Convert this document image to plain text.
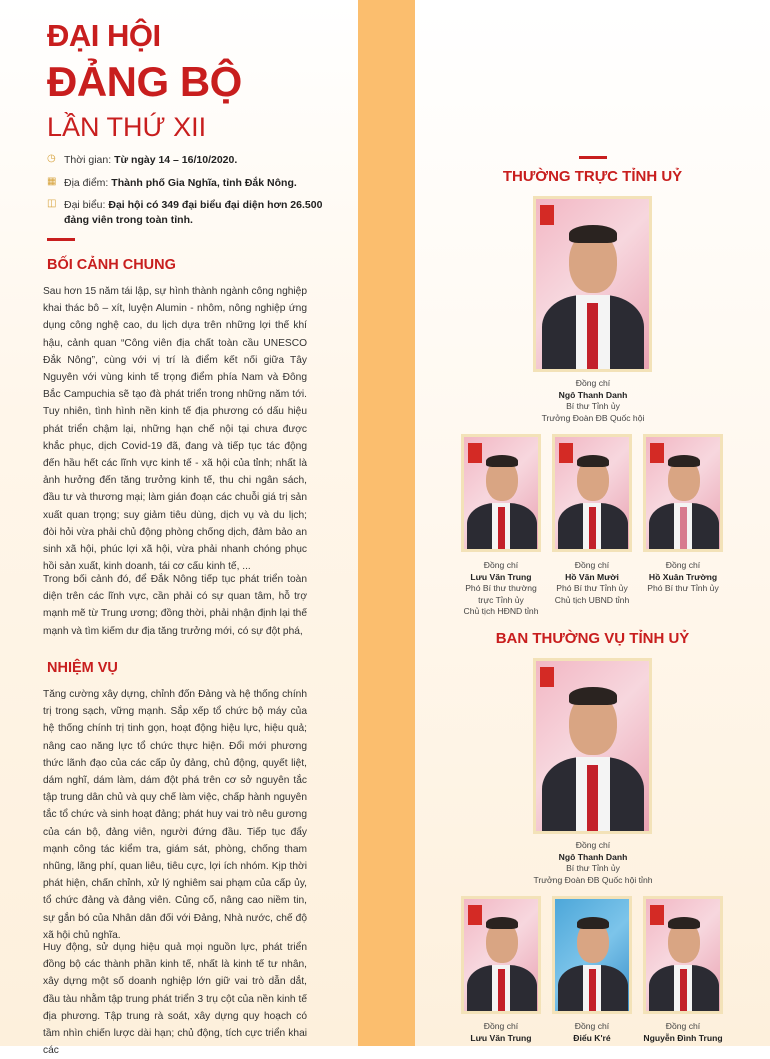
ĐẠI HỘI
ĐẢNG BỘ
LẦN THỨ XII
◷ Thời gian: Từ ngày 14 – 16/10/2020.
▦ Địa điểm: Thành phố Gia Nghĩa, tỉnh Đắk Nông.
◫ Đại biểu: Đại hội có 349 đại biểu đại diện hơn 26.500 đảng viên trong toàn tỉnh.
BỐI CẢNH CHUNG

Sau hơn 15 năm tái lập, sự hình thành ngành công nghiệp khai thác bô – xít, luyện Alumin - nhôm, nông nghiệp ứng dụng công nghệ cao, du lịch dựa trên những lợi thế khí hậu, cảnh quan “Công viên địa chất toàn cầu UNESCO Đắk Nông”, cùng với vị trí là điểm kết nối giữa Tây Nguyên với vùng kinh tế trọng điểm phía Nam và Đông Bắc Campuchia sẽ tạo đà phát triển trong những năm tới. Tuy nhiên, tình hình nền kinh tế địa phương có dấu hiệu phát triển chậm lại, những hạn chế nội tại chưa được khắc phục, dịch Covid-19 đã, đang và tiếp tục tác động đến hầu hết các lĩnh vực kinh tế - xã hội của tỉnh; nhất là ảnh hưởng đến tăng trưởng kinh tế, thu chi ngân sách, đầu tư và thương mại; làm gián đoạn các chuỗi giá trị sản xuất quan trọng; suy giảm tiêu dùng, dịch vụ và du lịch; đòi hỏi vừa phải chủ động phòng chống dịch, đảm bảo an sinh xã hội, phúc lợi xã hội, vừa phải nhanh chóng phục hồi sản xuất, kinh doanh, tái cơ cấu kinh tế, ...

Trong bối cảnh đó, để Đắk Nông tiếp tục phát triển toàn diện trên các lĩnh vực, cần phải có sự quan tâm, hỗ trợ mạnh mẽ từ Trung ương; đồng thời, phải nhận định lại thế mạnh và tìm kiếm dư địa tăng trưởng mới, có sự đột phá,

NHIỆM VỤ

Tăng cường xây dựng, chỉnh đốn Đảng và hệ thống chính trị trong sạch, vững mạnh. Sắp xếp tổ chức bộ máy của hệ thống chính trị tinh gọn, hoạt động hiệu lực, hiệu quả; nâng cao năng lực tổ chức thực hiện. Đổi mới phương thức lãnh đạo của các cấp ủy đảng, chủ động, quyết liệt, dám nghĩ, dám làm, dám đột phá trên cơ sở nguyên tắc tập trung dân chủ và quy chế làm việc, chấp hành nguyên tắc tổ chức và sinh hoạt đảng; phát huy vai trò nêu gương của cán bộ, đảng viên, người đứng đầu. Tiếp tục đẩy mạnh công tác kiểm tra, giám sát, phòng, chống tham nhũng, lãng phí, quan liêu, tiêu cực, lợi ích nhóm. Kịp thời phát hiện, chấn chỉnh, xử lý nghiêm sai phạm của cấp ủy, tổ chức đảng và đảng viên. Củng cố, nâng cao niềm tin, sự gắn bó của Nhân dân đối với Đảng, Nhà nước, chế độ xã hội chủ nghĩa.

Huy động, sử dụng hiệu quả mọi nguồn lực, phát triển đồng bộ các thành phần kinh tế, nhất là kinh tế tư nhân, xây dựng một số doanh nghiệp lớn giữ vai trò dẫn dắt, đầu tàu nhằm tập trung phát triển 3 trụ cột của nền kinh tế địa phương. Tập trung rà soát, xây dựng quy hoạch có tầm nhìn chiến lược dài hạn; chủ động, tích cực triển khai các

THƯỜNG TRỰC TỈNH UỶ
Đồng chí
Ngô Thanh Danh
Bí thư Tỉnh ủy
Trưởng Đoàn ĐB Quốc hội
Đồng chí
Lưu Văn Trung
Phó Bí thư thường
trực Tỉnh ủy
Chủ tịch HĐND tỉnh
Đồng chí
Hồ Văn Mười
Phó Bí thư Tỉnh ủy
Chủ tịch UBND tỉnh
Đồng chí
Hồ Xuân Trường
Phó Bí thư Tỉnh ủy
BAN THƯỜNG VỤ TỈNH UỶ
Đồng chí
Ngô Thanh Danh
Bí thư Tỉnh ủy
Trưởng Đoàn ĐB Quốc hội tỉnh
Đồng chí
Lưu Văn Trung
Đồng chí
Điểu K'ré
Đồng chí
Nguyễn Đình Trung
